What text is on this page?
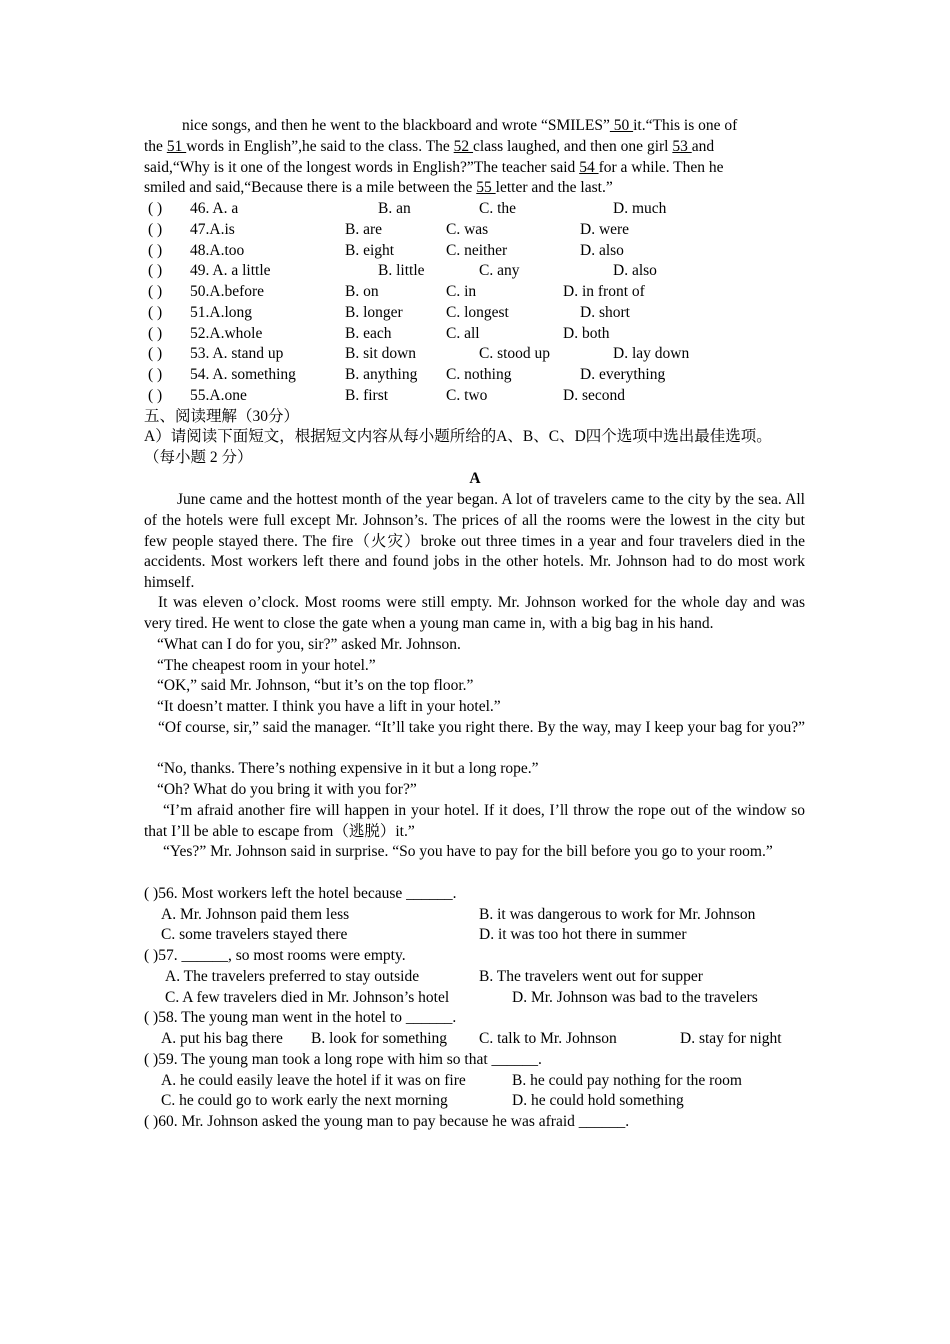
nice songs, and then he went to the blackboard and wrote “SMILES” 50 it.“This is one of
the 51 words in English”,he said to the class. The 52 class laughed, and then one girl 53 and
said,“Why is it one of the longest words in English?”The teacher said 54 for a while. Then he
smiled and said,“Because there is a mile between the 55 letter and the last.”
( ) 46. A. a	B. an	C. the	D. much
( ) 47.A.is	B. are	C. was	D. were
( ) 48.A.too	B. eight	C. neither	D. also
( ) 49. A. a little	B. little	C. any	D. also
( ) 50.A.before	B. on	C. in	D. in front of
( ) 51.A.long	B. longer	C. longest	D. short
( ) 52.A.whole	B. each	C. all	D. both
( ) 53. A. stand up	B. sit down	C. stood up	D. lay down
( ) 54. A. something	B. anything C. nothing	D. everything
( ) 55.A.one	B. first	C. two	D. second
五、阅读理解（30分）
A）请阅读下面短文，根据短文内容从每小题所给的A、B、C、D四个选项中选出最佳选项。
（每小题 2 分）
A
June came and the hottest month of the year began. A lot of travelers came to the city by the sea. All of the hotels were full except Mr. Johnson’s. The prices of all the rooms were the lowest in the city but few people stayed there. The fire（火灾）broke out three times in a year and four travelers died in the accidents. Most workers left there and found jobs in the other hotels. Mr. Johnson had to do most work himself.
It was eleven o’clock. Most rooms were still empty. Mr. Johnson worked for the whole day and was very tired. He went to close the gate when a young man came in, with a big bag in his hand.
“What can I do for you, sir?” asked Mr. Johnson.
“The cheapest room in your hotel.”
“OK,” said Mr. Johnson, “but it’s on the top floor.”
“It doesn’t matter. I think you have a lift in your hotel.”
“Of course, sir,” said the manager. “It’ll take you right there. By the way, may I keep your bag for you?”
“No, thanks. There’s nothing expensive in it but a long rope.”
“Oh? What do you bring it with you for?”
“I’m afraid another fire will happen in your hotel. If it does, I’ll throw the rope out of the window so that I’ll be able to escape from（逃脱）it.”
“Yes?” Mr. Johnson said in surprise. “So you have to pay for the bill before you go to your room.”
( )56. Most workers left the hotel because ______.
A. Mr. Johnson paid them less	B. it was dangerous to work for Mr. Johnson
C. some travelers stayed there	D. it was too hot there in summer
( )57. ______, so most rooms were empty.
A. The travelers preferred to stay outside	B. The travelers went out for supper
C. A few travelers died in Mr. Johnson’s hotel	D. Mr. Johnson was bad to the travelers
( )58. The young man went in the hotel to ______.
A. put his bag there B. look for something C. talk to Mr. Johnson	D. stay for night
( )59. The young man took a long rope with him so that ______.
A. he could easily leave the hotel if it was on fire	B. he could pay nothing for the room
C. he could go to work early the next morning	D. he could hold something
( )60. Mr. Johnson asked the young man to pay because he was afraid ______.
